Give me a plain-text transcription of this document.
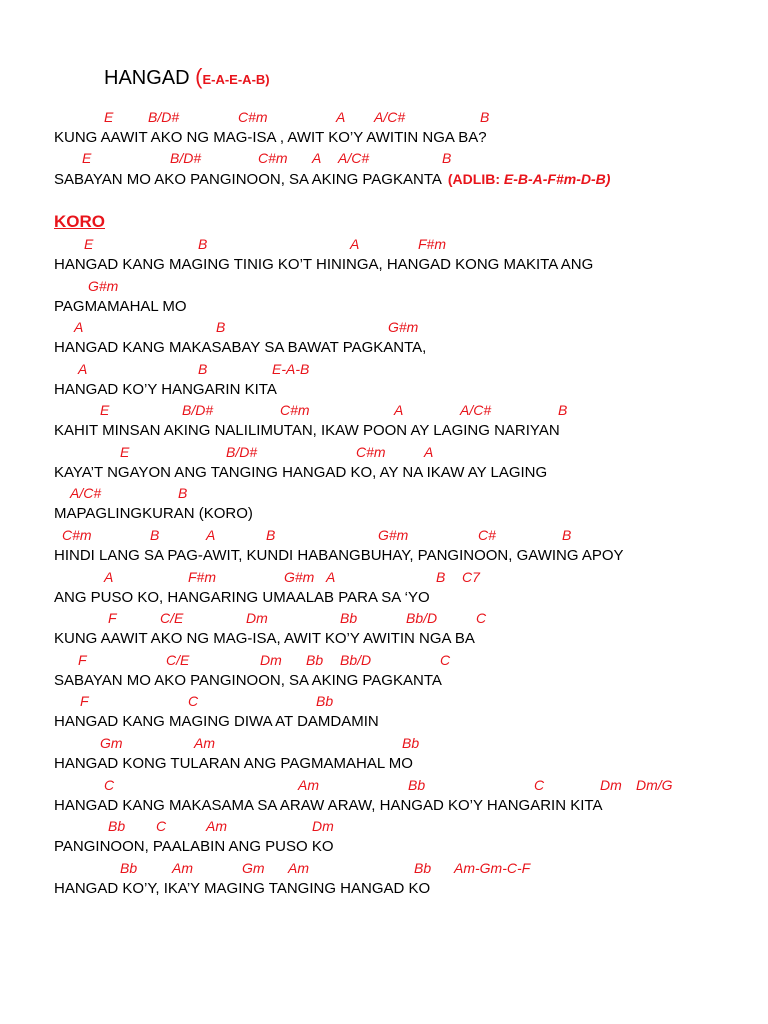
HANGAD (E-A-E-A-B)
KORO
E B/D#	C#m	A A/C#	B
KUNG AAWIT AKO NG MAG-ISA , AWIT KO’Y AWITIN NGA BA?
E	B/D#	C#m A A/C#	B
SABAYAN MO AKO PANGINOON, SA AKING PAGKANTA (ADLIB: E-B-A-F#m-D-B)
E	B	A	F#m
HANGAD KANG MAGING TINIG KO’T HININGA, HANGAD KONG MAKITA ANG
G#m
PAGMAMAHAL MO
A	B	G#m
HANGAD KANG MAKASABAY SA BAWAT PAGKANTA,
A	B	E-A-B
HANGAD KO’Y HANGARIN KITA
E	B/D#	C#m	A	A/C#	B
KAHIT MINSAN AKING NALILIMUTAN, IKAW POON AY LAGING NARIYAN
E	B/D#	C#m	A
KAYA’T NGAYON ANG TANGING HANGAD KO, AY NA IKAW AY LAGING
A/C#	B
MAPAGLINGKURAN (KORO)
C#m	B	A	B	G#m	C#	B
HINDI LANG SA PAG-AWIT, KUNDI HABANGBUHAY, PANGINOON, GAWING APOY
A	F#m	G#m A	B C7
ANG PUSO KO, HANGARING UMAALAB PARA SA ‘YO
F	C/E	Dm	Bb	Bb/D	C
KUNG AAWIT AKO NG MAG-ISA, AWIT KO’Y AWITIN NGA BA
F	C/E	Dm Bb Bb/D	C
SABAYAN MO AKO PANGINOON, SA AKING PAGKANTA
F	C	Bb
HANGAD KANG MAGING DIWA AT DAMDAMIN
Gm	Am	Bb
HANGAD KONG TULARAN ANG PAGMAMAHAL MO
C	Am	Bb	C	Dm Dm/G
HANGAD KANG MAKASAMA SA ARAW ARAW, HANGAD KO’Y HANGARIN KITA
Bb C	Am	Dm
PANGINOON, PAALABIN ANG PUSO KO
Bb Am	Gm Am	Bb Am-Gm-C-F
HANGAD KO’Y, IKA’Y MAGING TANGING HANGAD KO
